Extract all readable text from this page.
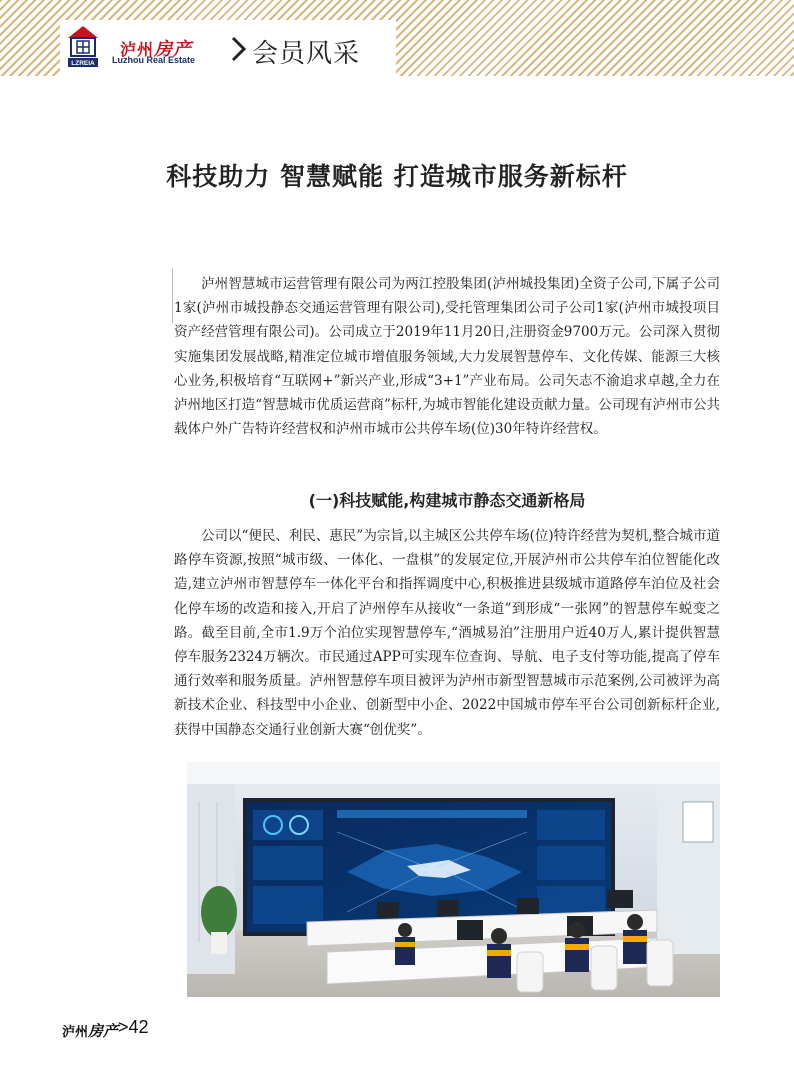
LZREIA
泸州房产
Luzhou Real Estate 会员风采
科技助力 智慧赋能 打造城市服务新标杆

泸州智慧城市运营管理有限公司为两江控股集团(泸州城投集团)全资子公司,下属子公司1家(泸州市城投静态交通运营管理有限公司),受托管理集团公司子公司1家(泸州市城投项目资产经营管理有限公司)。公司成立于2019年11月20日,注册资金9700万元。公司深入贯彻实施集团发展战略,精准定位城市增值服务领域,大力发展智慧停车、文化传媒、能源三大核心业务,积极培育“互联网+”新兴产业,形成“3+1”产业布局。公司矢志不渝追求卓越,全力在泸州地区打造“智慧城市优质运营商”标杆,为城市智能化建设贡献力量。公司现有泸州市公共载体户外广告特许经营权和泸州市城市公共停车场(位)30年特许经营权。

(一)科技赋能,构建城市静态交通新格局

公司以“便民、利民、惠民”为宗旨,以主城区公共停车场(位)特许经营为契机,整合城市道路停车资源,按照“城市级、一体化、一盘棋”的发展定位,开展泸州市公共停车泊位智能化改造,建立泸州市智慧停车一体化平台和指挥调度中心,积极推进县级城市道路停车泊位及社会化停车场的改造和接入,开启了泸州停车从接收“一条道”到形成“一张网”的智慧停车蜕变之路。截至目前,全市1.9万个泊位实现智慧停车,“酒城易泊”注册用户近40万人,累计提供智慧停车服务2324万辆次。市民通过APP可实现车位查询、导航、电子支付等功能,提高了停车通行效率和服务质量。泸州智慧停车项目被评为泸州市新型智慧城市示范案例,公司被评为高新技术企业、科技型中小企业、创新型中小企、2022中国城市停车平台公司创新标杆企业,获得中国静态交通行业创新大赛“创优奖”。

泸州房产 >42
